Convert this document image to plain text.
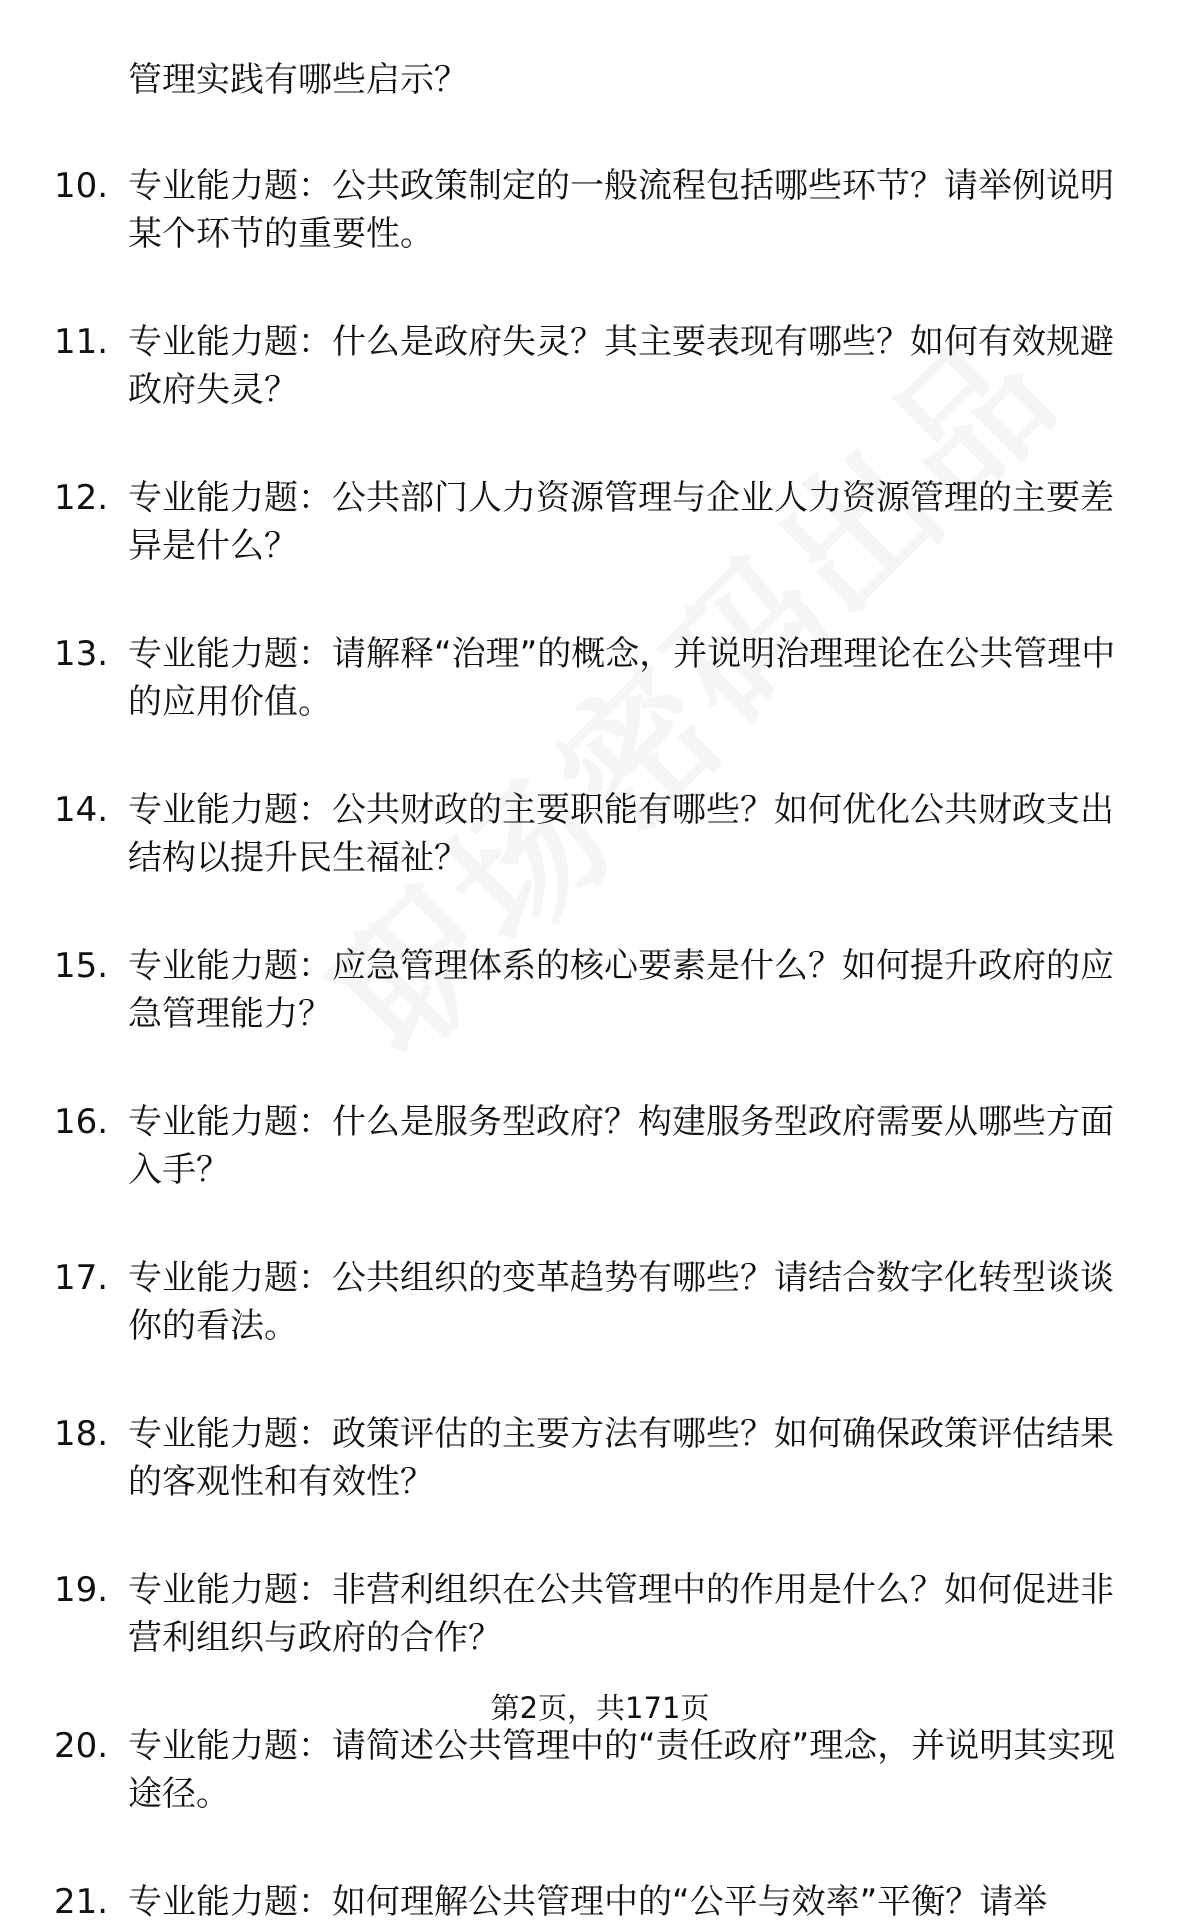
管理实践有哪些启示？
10. 专业能力题：公共政策制定的一般流程包括哪些环节？请举例说明某个环节的重要性。
11. 专业能力题：什么是政府失灵？其主要表现有哪些？如何有效规避政府失灵？
12. 专业能力题：公共部门人力资源管理与企业人力资源管理的主要差异是什么？
13. 专业能力题：请解释“治理”的概念，并说明治理理论在公共管理中的应用价值。
14. 专业能力题：公共财政的主要职能有哪些？如何优化公共财政支出结构以提升民生福祉？
15. 专业能力题：应急管理体系的核心要素是什么？如何提升政府的应急管理能力？
16. 专业能力题：什么是服务型政府？构建服务型政府需要从哪些方面入手？
17. 专业能力题：公共组织的变革趋势有哪些？请结合数字化转型谈谈你的看法。
18. 专业能力题：政策评估的主要方法有哪些？如何确保政策评估结果的客观性和有效性？
19. 专业能力题：非营利组织在公共管理中的作用是什么？如何促进非营利组织与政府的合作？
20. 专业能力题：请简述公共管理中的“责任政府”理念，并说明其实现途径。
21. 专业能力题：如何理解公共管理中的“公平与效率”平衡？请举
第2页，共171页
